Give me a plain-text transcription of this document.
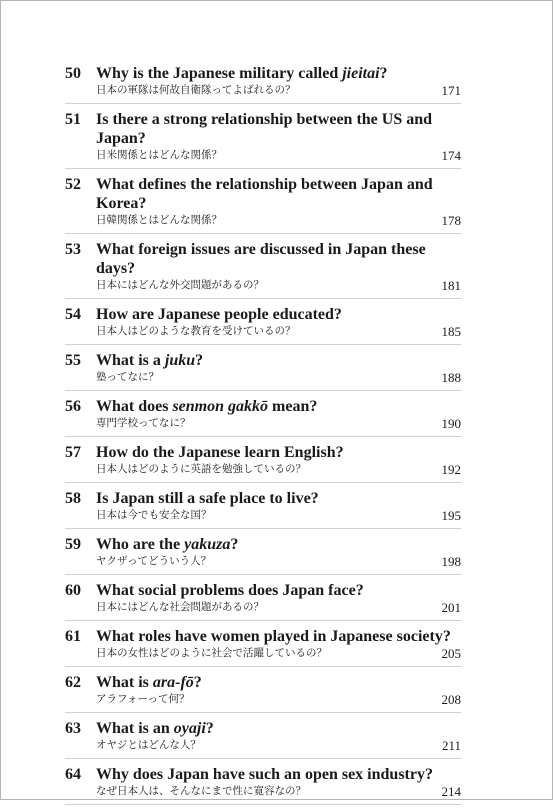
50 Why is the Japanese military called jieitai?
日本の軍隊は何故自衛隊ってよばれるの？	171
51 Is there a strong relationship between the US and Japan?
日米関係とはどんな関係？	174
52 What defines the relationship between Japan and Korea?
日韓関係とはどんな関係？	178
53 What foreign issues are discussed in Japan these days?
日本にはどんな外交問題があるの？	181
54 How are Japanese people educated?
日本人はどのような教育を受けているの？	185
55 What is a juku?
塾ってなに？	188
56 What does senmon gakkō mean?
専門学校ってなに？	190
57 How do the Japanese learn English?
日本人はどのように英語を勉強しているの？	192
58 Is Japan still a safe place to live?
日本は今でも安全な国？	195
59 Who are the yakuza?
ヤクザってどういう人？	198
60 What social problems does Japan face?
日本にはどんな社会問題があるの？	201
61 What roles have women played in Japanese society?
日本の女性はどのように社会で活躍しているの？	205
62 What is ara-fō?
アラフォーって何？	208
63 What is an oyaji?
オヤジとはどんな人？	211
64 Why does Japan have such an open sex industry?
なぜ日本人は、そんなにまで性に寛容なの？	214
